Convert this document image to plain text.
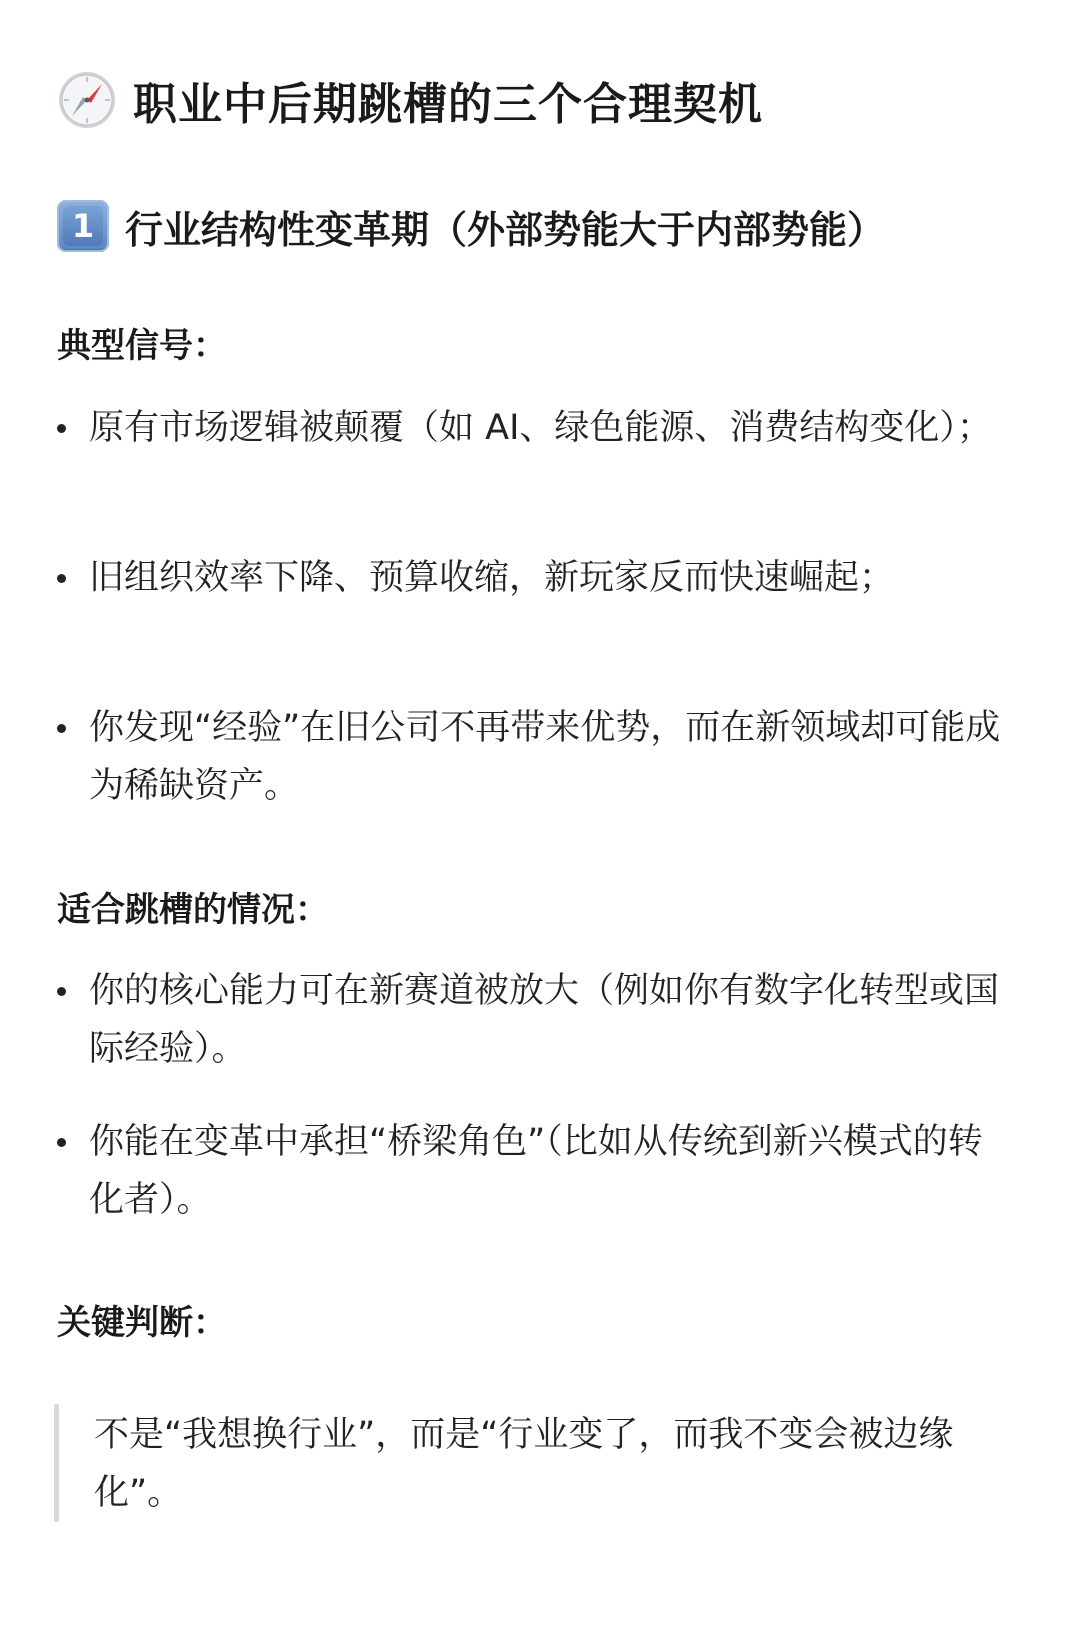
职业中后期跳槽的三个合理契机
1 行业结构性变革期（外部势能大于内部势能）
典型信号：
原有市场逻辑被颠覆（如 AI、绿色能源、消费结构变化）；
旧组织效率下降、预算收缩，新玩家反而快速崛起；
你发现“经验”在旧公司不再带来优势，而在新领域却可能成为稀缺资产。
适合跳槽的情况：
你的核心能力可在新赛道被放大（例如你有数字化转型或国际经验）。
你能在变革中承担“桥梁角色”（比如从传统到新兴模式的转化者）。
关键判断：
不是“我想换行业”，而是“行业变了，而我不变会被边缘化”。
